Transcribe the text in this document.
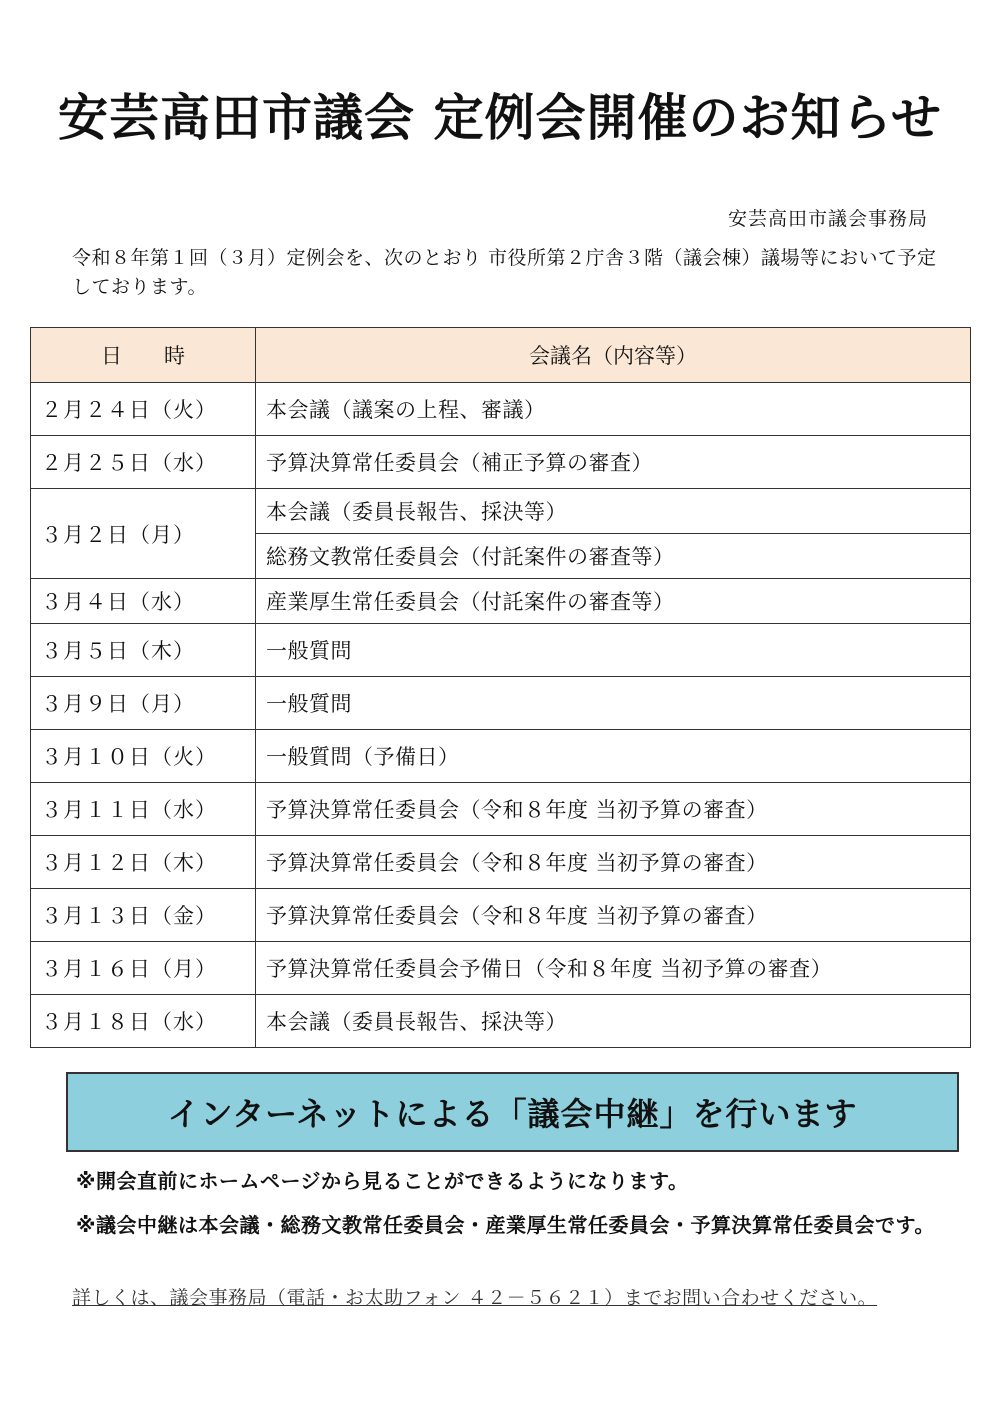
安芸高田市議会 定例会開催のお知らせ
安芸高田市議会事務局
令和８年第１回（３月）定例会を、次のとおり 市役所第２庁舎３階（議会棟）議場等において予定しております。
日　　時	会議名（内容等）
２月２４日（火）	本会議（議案の上程、審議）
２月２５日（水）	予算決算常任委員会（補正予算の審査）
３月２日（月）	本会議（委員長報告、採決等）
	総務文教常任委員会（付託案件の審査等）
３月４日（水）	産業厚生常任委員会（付託案件の審査等）
３月５日（木）	一般質問
３月９日（月）	一般質問
３月１０日（火）	一般質問（予備日）
３月１１日（水）	予算決算常任委員会（令和８年度 当初予算の審査）
３月１２日（木）	予算決算常任委員会（令和８年度 当初予算の審査）
３月１３日（金）	予算決算常任委員会（令和８年度 当初予算の審査）
３月１６日（月）	予算決算常任委員会予備日（令和８年度 当初予算の審査）
３月１８日（水）	本会議（委員長報告、採決等）
インターネットによる「議会中継」を行います
※開会直前にホームページから見ることができるようになります。
※議会中継は本会議・総務文教常任委員会・産業厚生常任委員会・予算決算常任委員会です。
詳しくは、議会事務局（電話・お太助フォン ４２－５６２１）までお問い合わせください。
